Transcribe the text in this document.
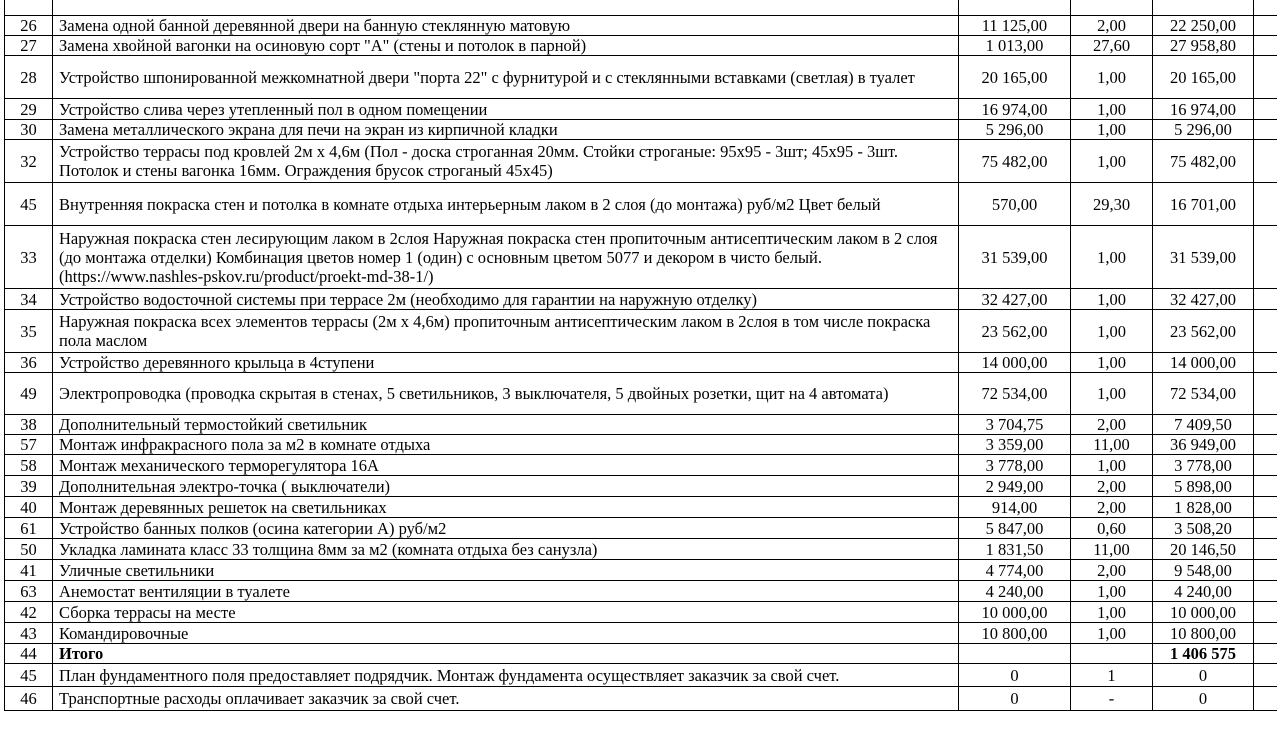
26	Замена одной банной деревянной двери на банную стеклянную матовую	11 125,00	2,00	22 250,00	
27	Замена хвойной вагонки на осиновую сорт "А" (стены и потолок в парной)	1 013,00	27,60	27 958,80	
28	Устройство шпонированной межкомнатной двери "порта 22" с фурнитурой и с стеклянными вставками (светлая) в туалет	20 165,00	1,00	20 165,00	
29	Устройство слива через утепленный пол в одном помещении	16 974,00	1,00	16 974,00	
30	Замена металлического экрана для печи на экран из кирпичной кладки	5 296,00	1,00	5 296,00	
32	Устройство террасы под кровлей 2м х 4,6м (Пол - доска строганная 20мм. Стойки строганые: 95х95 - 3шт; 45х95 - 3шт. Потолок и стены вагонка 16мм. Ограждения брусок строганый 45х45)	75 482,00	1,00	75 482,00	
45	Внутренняя покраска стен и потолка в комнате отдыха интерьерным лаком в 2 слоя (до монтажа) руб/м2 Цвет белый	570,00	29,30	16 701,00	
33	Наружная покраска стен лесирующим лаком в 2слоя Наружная покраска стен пропиточным антисептическим лаком в 2 слоя (до монтажа отделки) Комбинация цветов номер 1 (один) с основным цветом 5077 и декором в чисто белый. (https://www.nashles-pskov.ru/product/proekt-md-38-1/)	31 539,00	1,00	31 539,00	
34	Устройство водосточной системы при террасе 2м (необходимо для гарантии на наружную отделку)	32 427,00	1,00	32 427,00	
35	Наружная покраска всех элементов террасы (2м х 4,6м) пропиточным антисептическим лаком в 2слоя в том числе покраска пола маслом	23 562,00	1,00	23 562,00	
36	Устройство деревянного крыльца в 4ступени	14 000,00	1,00	14 000,00	
49	Электропроводка (проводка скрытая в стенах, 5 светильников, 3 выключателя, 5 двойных розетки, щит на 4 автомата)	72 534,00	1,00	72 534,00	
38	Дополнительный термостойкий светильник	3 704,75	2,00	7 409,50	
57	Монтаж инфракрасного пола за м2 в комнате отдыха	3 359,00	11,00	36 949,00	
58	Монтаж механического терморегулятора 16А	3 778,00	1,00	3 778,00	
39	Дополнительная электро-точка ( выключатели)	2 949,00	2,00	5 898,00	
40	Монтаж деревянных решеток на светильниках	914,00	2,00	1 828,00	
61	Устройство банных полков (осина категории А) руб/м2	5 847,00	0,60	3 508,20	
50	Укладка ламината класс 33 толщина 8мм за м2 (комната отдыха без санузла)	1 831,50	11,00	20 146,50	
41	Уличные светильники	4 774,00	2,00	9 548,00	
63	Анемостат вентиляции в туалете	4 240,00	1,00	4 240,00	
42	Сборка террасы на месте	10 000,00	1,00	10 000,00	
43	Командировочные	10 800,00	1,00	10 800,00	
44	Итого			1 406 575	
45	План фундаментного поля предоставляет подрядчик. Монтаж фундамента осуществляет заказчик за свой счет.	0	1	0	
46	Транспортные расходы оплачивает заказчик за свой счет.	0	-	0	
